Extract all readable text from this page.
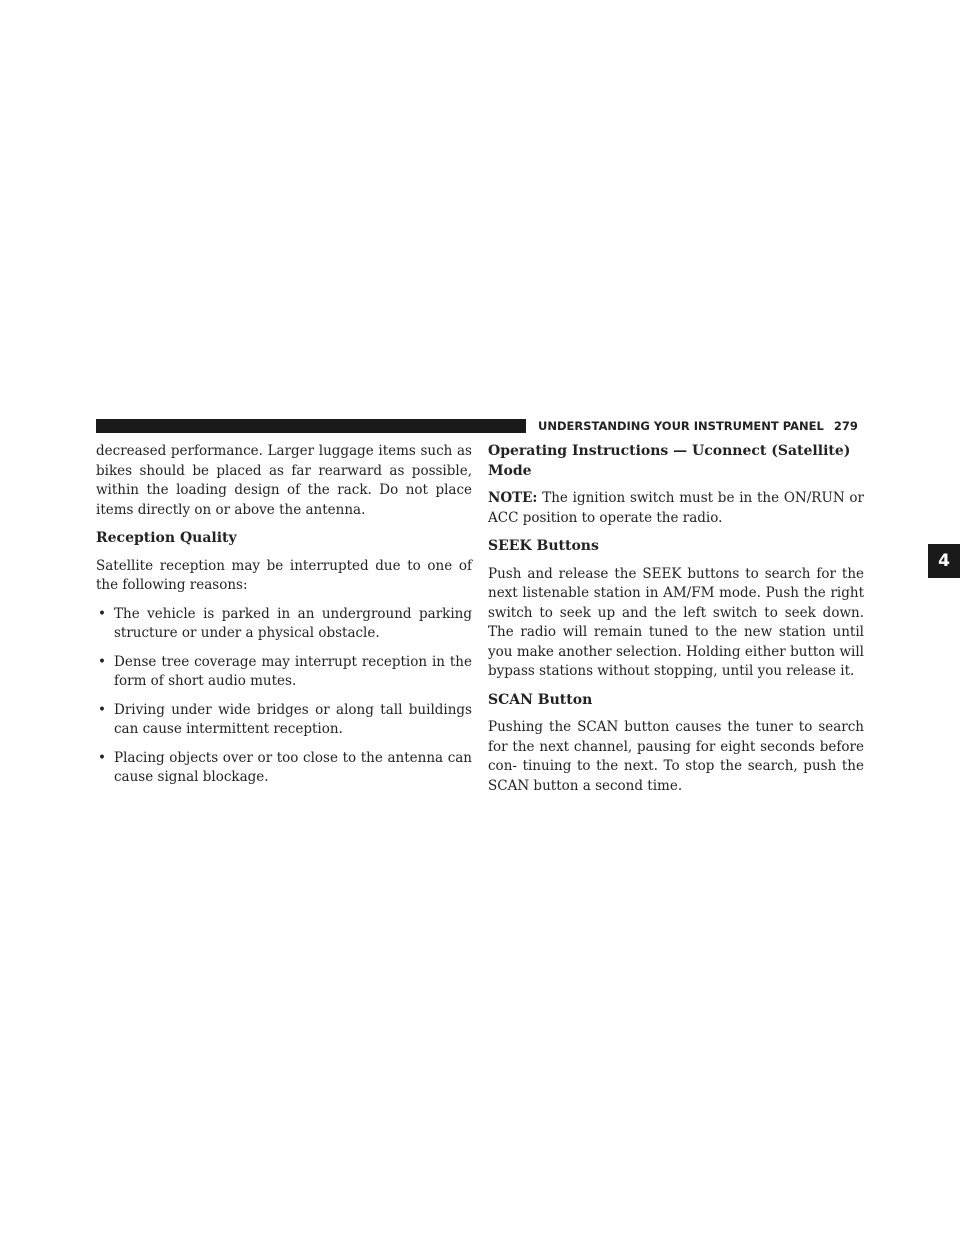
UNDERSTANDING YOUR INSTRUMENT PANEL 279
4

decreased performance. Larger luggage items such as bikes should be placed as far rearward as possible, within the loading design of the rack. Do not place items directly on or above the antenna.

Reception Quality

Satellite reception may be interrupted due to one of the following reasons:

• The vehicle is parked in an underground parking structure or under a physical obstacle.
• Dense tree coverage may interrupt reception in the form of short audio mutes.
• Driving under wide bridges or along tall buildings can cause intermittent reception.
• Placing objects over or too close to the antenna can cause signal blockage.
Operating Instructions — Uconnect (Satellite) Mode

NOTE: The ignition switch must be in the ON/RUN or ACC position to operate the radio.

SEEK Buttons

Push and release the SEEK buttons to search for the next listenable station in AM/FM mode. Push the right switch to seek up and the left switch to seek down. The radio will remain tuned to the new station until you make another selection. Holding either button will bypass stations without stopping, until you release it.

SCAN Button

Pushing the SCAN button causes the tuner to search for the next channel, pausing for eight seconds before con- tinuing to the next. To stop the search, push the SCAN button a second time.
